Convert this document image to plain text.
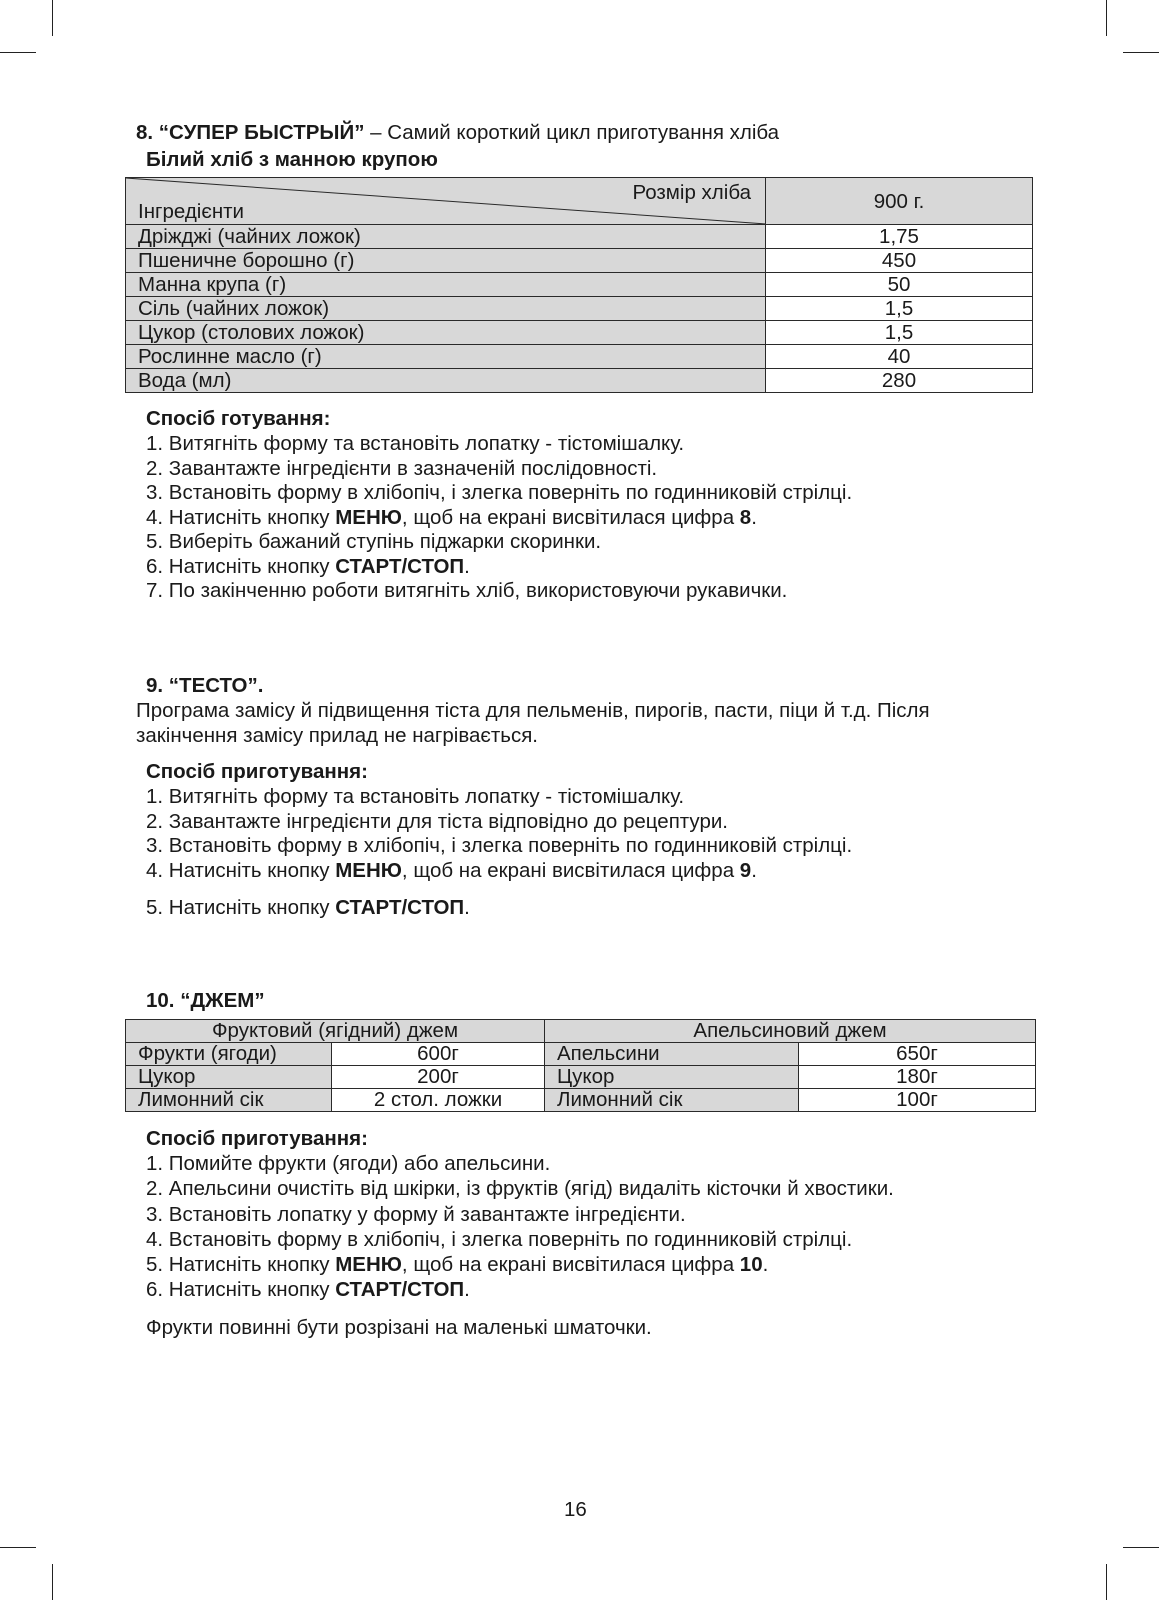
8. “СУПЕР БЫСТРЫЙ” – Самий короткий цикл приготування хліба
Білий хліб з манною крупою
Розмір хліба
Інгредієнти	900 г.
Дріжджі (чайних ложок)	1,75
Пшеничне борошно (г)	450
Манна крупа (г)	50
Сіль (чайних ложок)	1,5
Цукор (столових ложок)	1,5
Рослинне масло (г)	40
Вода (мл)	280
Спосіб готування:
1. Витягніть форму та встановіть лопатку - тістомішалку.
2. Завантажте інгредієнти в зазначеній послідовності.
3. Встановіть форму в хлібопіч, і злегка поверніть по годинниковій стрілці.
4. Натисніть кнопку МЕНЮ, щоб на екрані висвітилася цифра 8.
5. Виберіть бажаний ступінь піджарки скоринки.
6. Натисніть кнопку СТАРТ/СТОП.
7. По закінченню роботи витягніть хліб, використовуючи рукавички.
9. “ТЕСТО”.
Програма замісу й підвищення тіста для пельменів, пирогів, пасти, піци й т.д. Після
закінчення замісу прилад не нагрівається.
Спосіб приготування:
1. Витягніть форму та встановіть лопатку - тістомішалку.
2. Завантажте інгредієнти для тіста відповідно до рецептури.
3. Встановіть форму в хлібопіч, і злегка поверніть по годинниковій стрілці.
4. Натисніть кнопку МЕНЮ, щоб на екрані висвітилася цифра 9.
5. Натисніть кнопку СТАРТ/СТОП.
10. “ДЖЕМ”
Фруктовий (ягідний) джем		Апельсиновий джем	
Фрукти (ягоди)	600г	Апельсини	650г
Цукор	200г	Цукор	180г
Лимонний сік	2 стол. ложки	Лимонний сік	100г
Спосіб приготування:
1. Помийте фрукти (ягоди) або апельсини.
2. Апельсини очистіть від шкірки, із фруктів (ягід) видаліть кісточки й хвостики.
3. Встановіть лопатку у форму й завантажте інгредієнти.
4. Встановіть форму в хлібопіч, і злегка поверніть по годинниковій стрілці.
5. Натисніть кнопку МЕНЮ, щоб на екрані висвітилася цифра 10.
6. Натисніть кнопку СТАРТ/СТОП.
Фрукти повинні бути розрізані на маленькі шматочки.
16
